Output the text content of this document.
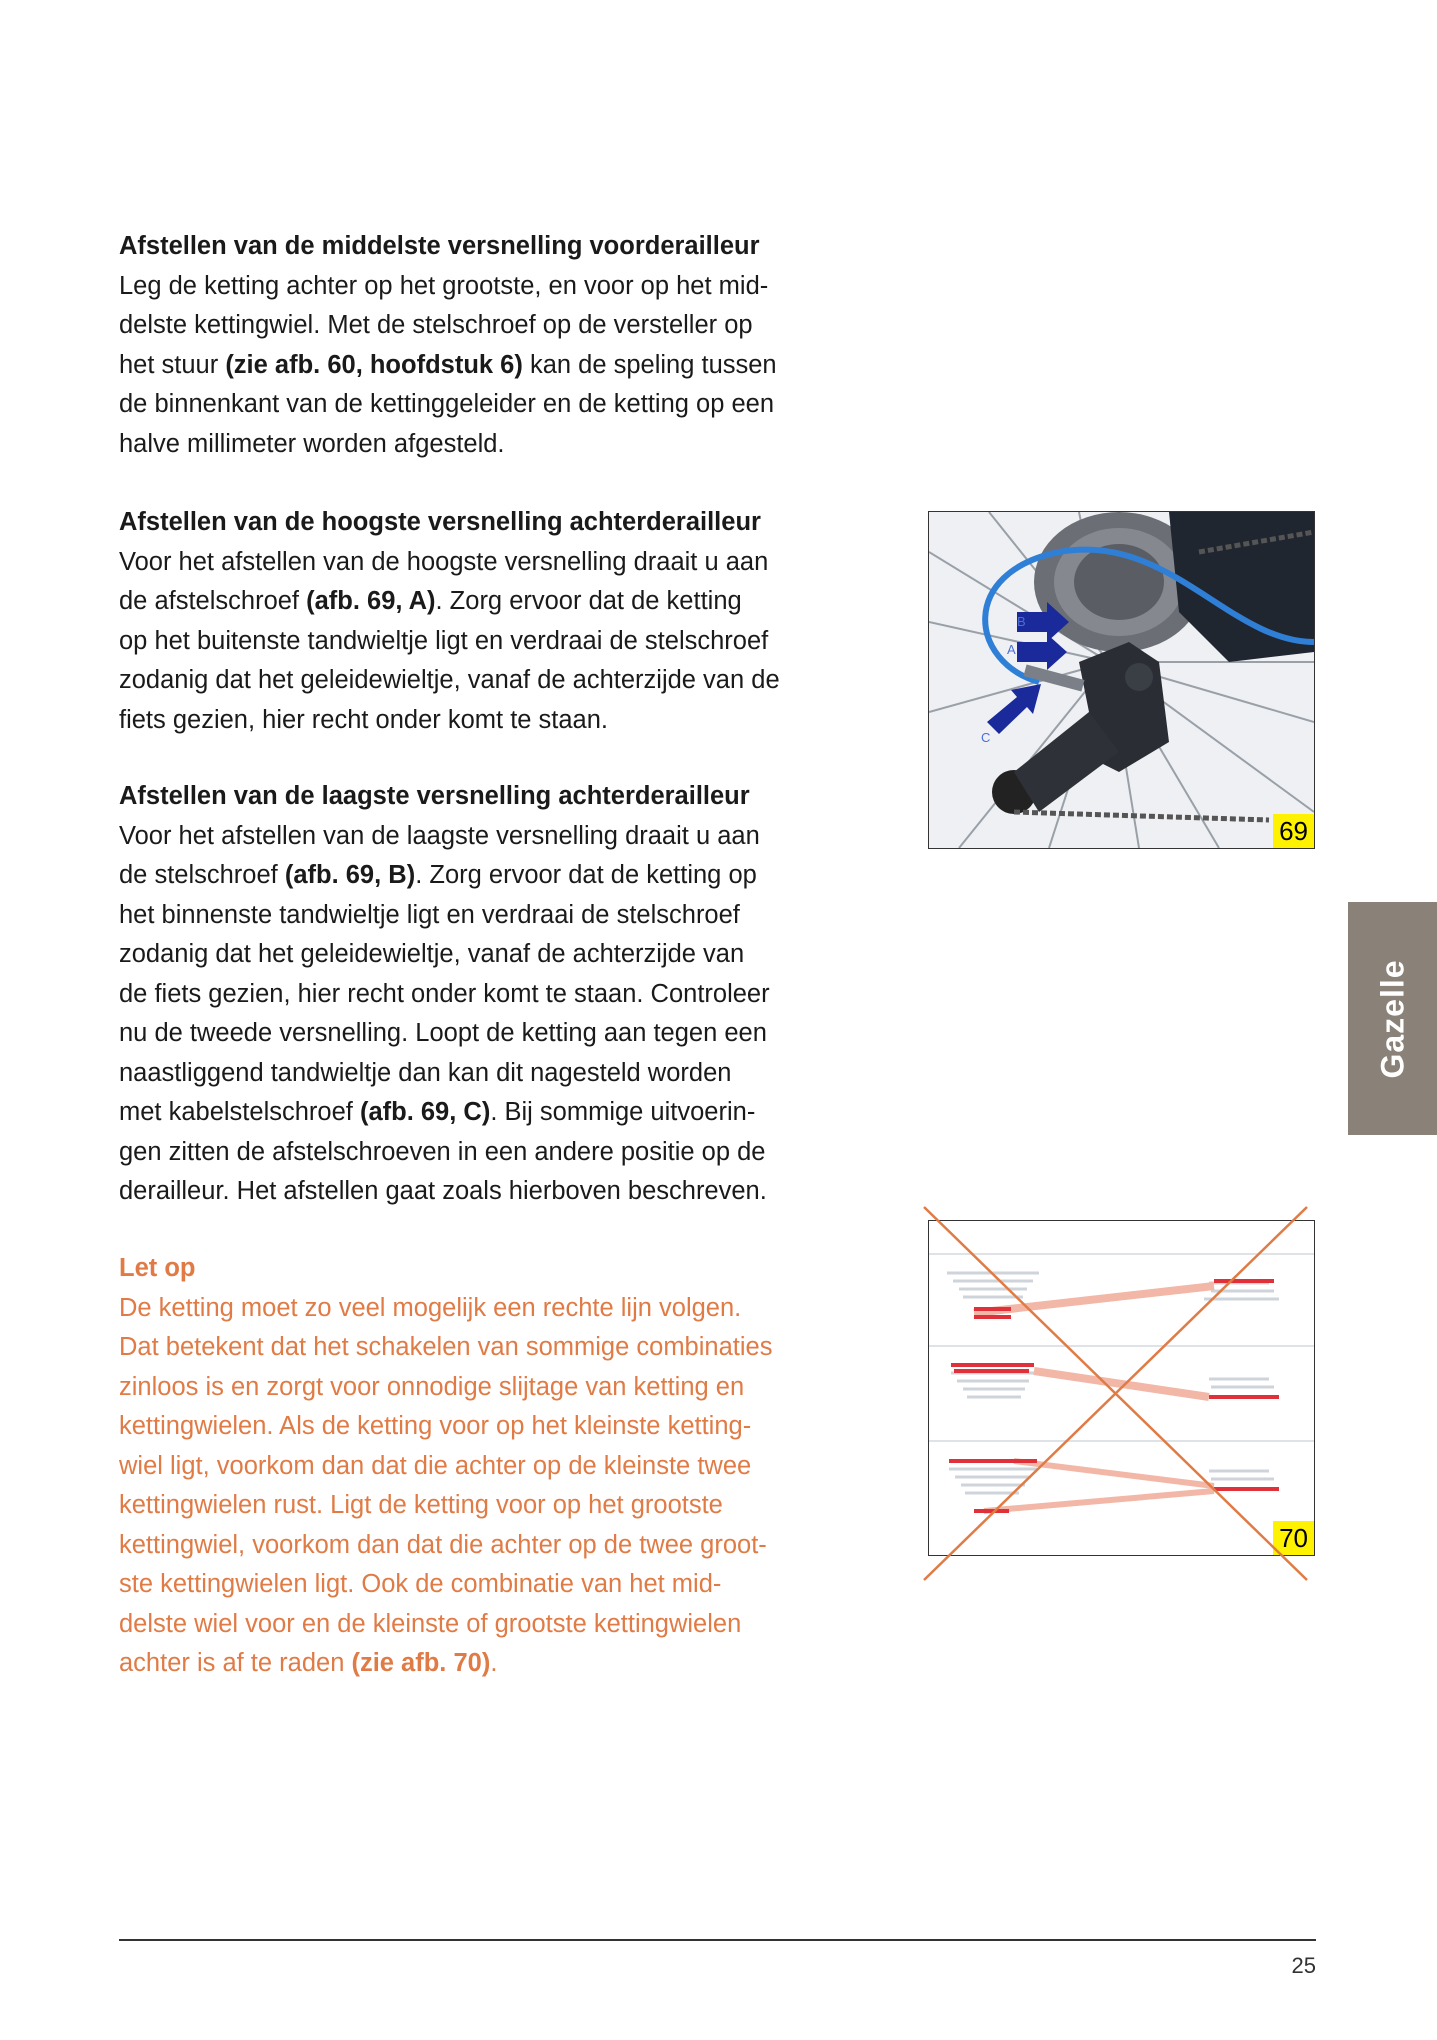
Afstellen van de middelste versnelling voorderailleur

Leg de ketting achter op het grootste, en voor op het mid-
delste kettingwiel. Met de stelschroef op de versteller op
het stuur (zie afb. 60, hoofdstuk 6) kan de speling tussen
de binnenkant van de kettinggeleider en de ketting op een
halve millimeter worden afgesteld.

Afstellen van de hoogste versnelling achterderailleur

Voor het afstellen van de hoogste versnelling draait u aan
de afstelschroef (afb. 69, A). Zorg ervoor dat de ketting
op het buitenste tandwieltje ligt en verdraai de stelschroef
zodanig dat het geleidewieltje, vanaf de achterzijde van de
fiets gezien, hier recht onder komt te staan.

Afstellen van de laagste versnelling achterderailleur

Voor het afstellen van de laagste versnelling draait u aan
de stelschroef (afb. 69, B). Zorg ervoor dat de ketting op
het binnenste tandwieltje ligt en verdraai de stelschroef
zodanig dat het geleidewieltje, vanaf de achterzijde van
de fiets gezien, hier recht onder komt te staan. Controleer
nu de tweede versnelling. Loopt de ketting aan tegen een
naastliggend tandwieltje dan kan dit nagesteld worden
met kabelstelschroef (afb. 69, C). Bij sommige uitvoerin-
gen zitten de afstelschroeven in een andere positie op de
derailleur. Het afstellen gaat zoals hierboven beschreven.

Let op

De ketting moet zo veel mogelijk een rechte lijn volgen.
Dat betekent dat het schakelen van sommige combinaties
zinloos is en zorgt voor onnodige slijtage van ketting en
kettingwielen. Als de ketting voor op het kleinste ketting-
wiel ligt, voorkom dan dat die achter op de kleinste twee
kettingwielen rust. Ligt de ketting voor op het grootste
kettingwiel, voorkom dan dat die achter op de twee groot-
ste kettingwielen ligt. Ook de combinatie van het mid-
delste wiel voor en de kleinste of grootste kettingwielen
achter is af te raden (zie afb. 70).
B
A
C
69
70
Gazelle
25
